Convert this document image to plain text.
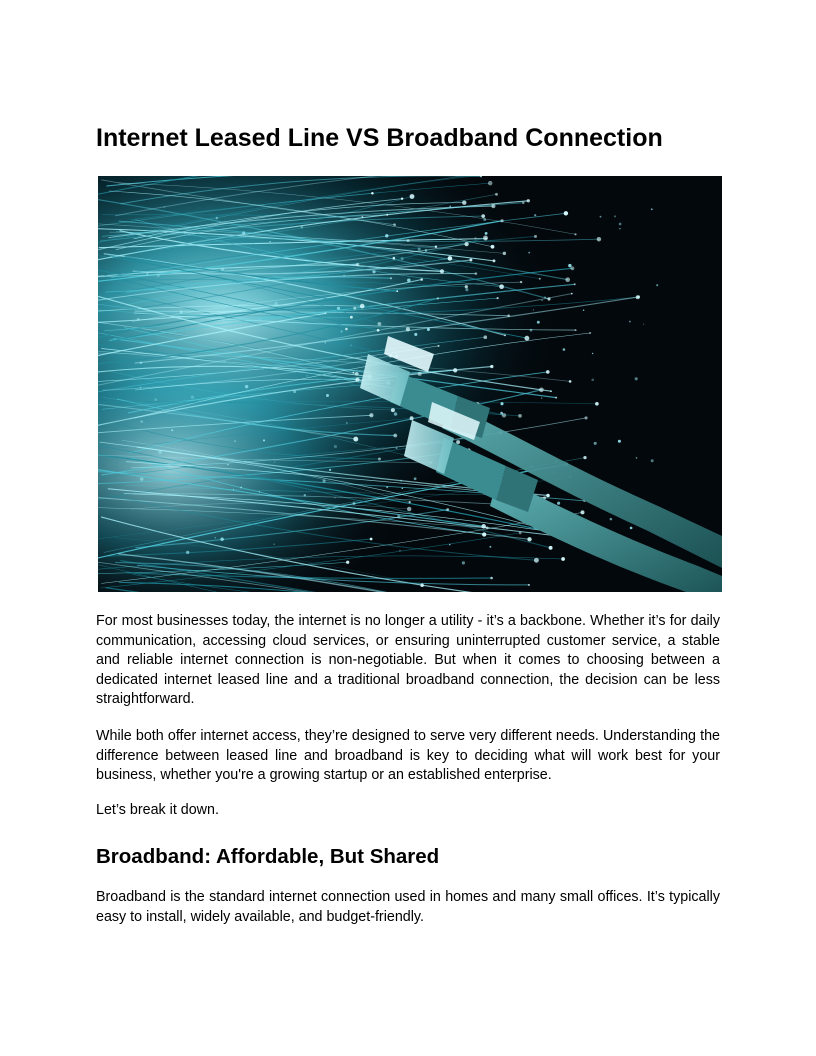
Internet Leased Line VS Broadband Connection

For most businesses today, the internet is no longer a utility - it’s a backbone. Whether it’s for daily communication, accessing cloud services, or ensuring uninterrupted customer service, a stable and reliable internet connection is non-negotiable. But when it comes to choosing between a dedicated internet leased line and a traditional broadband connection, the decision can be less straightforward.

While both offer internet access, they’re designed to serve very different needs. Understanding the difference between leased line and broadband is key to deciding what will work best for your business, whether you're a growing startup or an established enterprise.

Let’s break it down.

Broadband: Affordable, But Shared

Broadband is the standard internet connection used in homes and many small offices. It’s typically easy to install, widely available, and budget-friendly.
